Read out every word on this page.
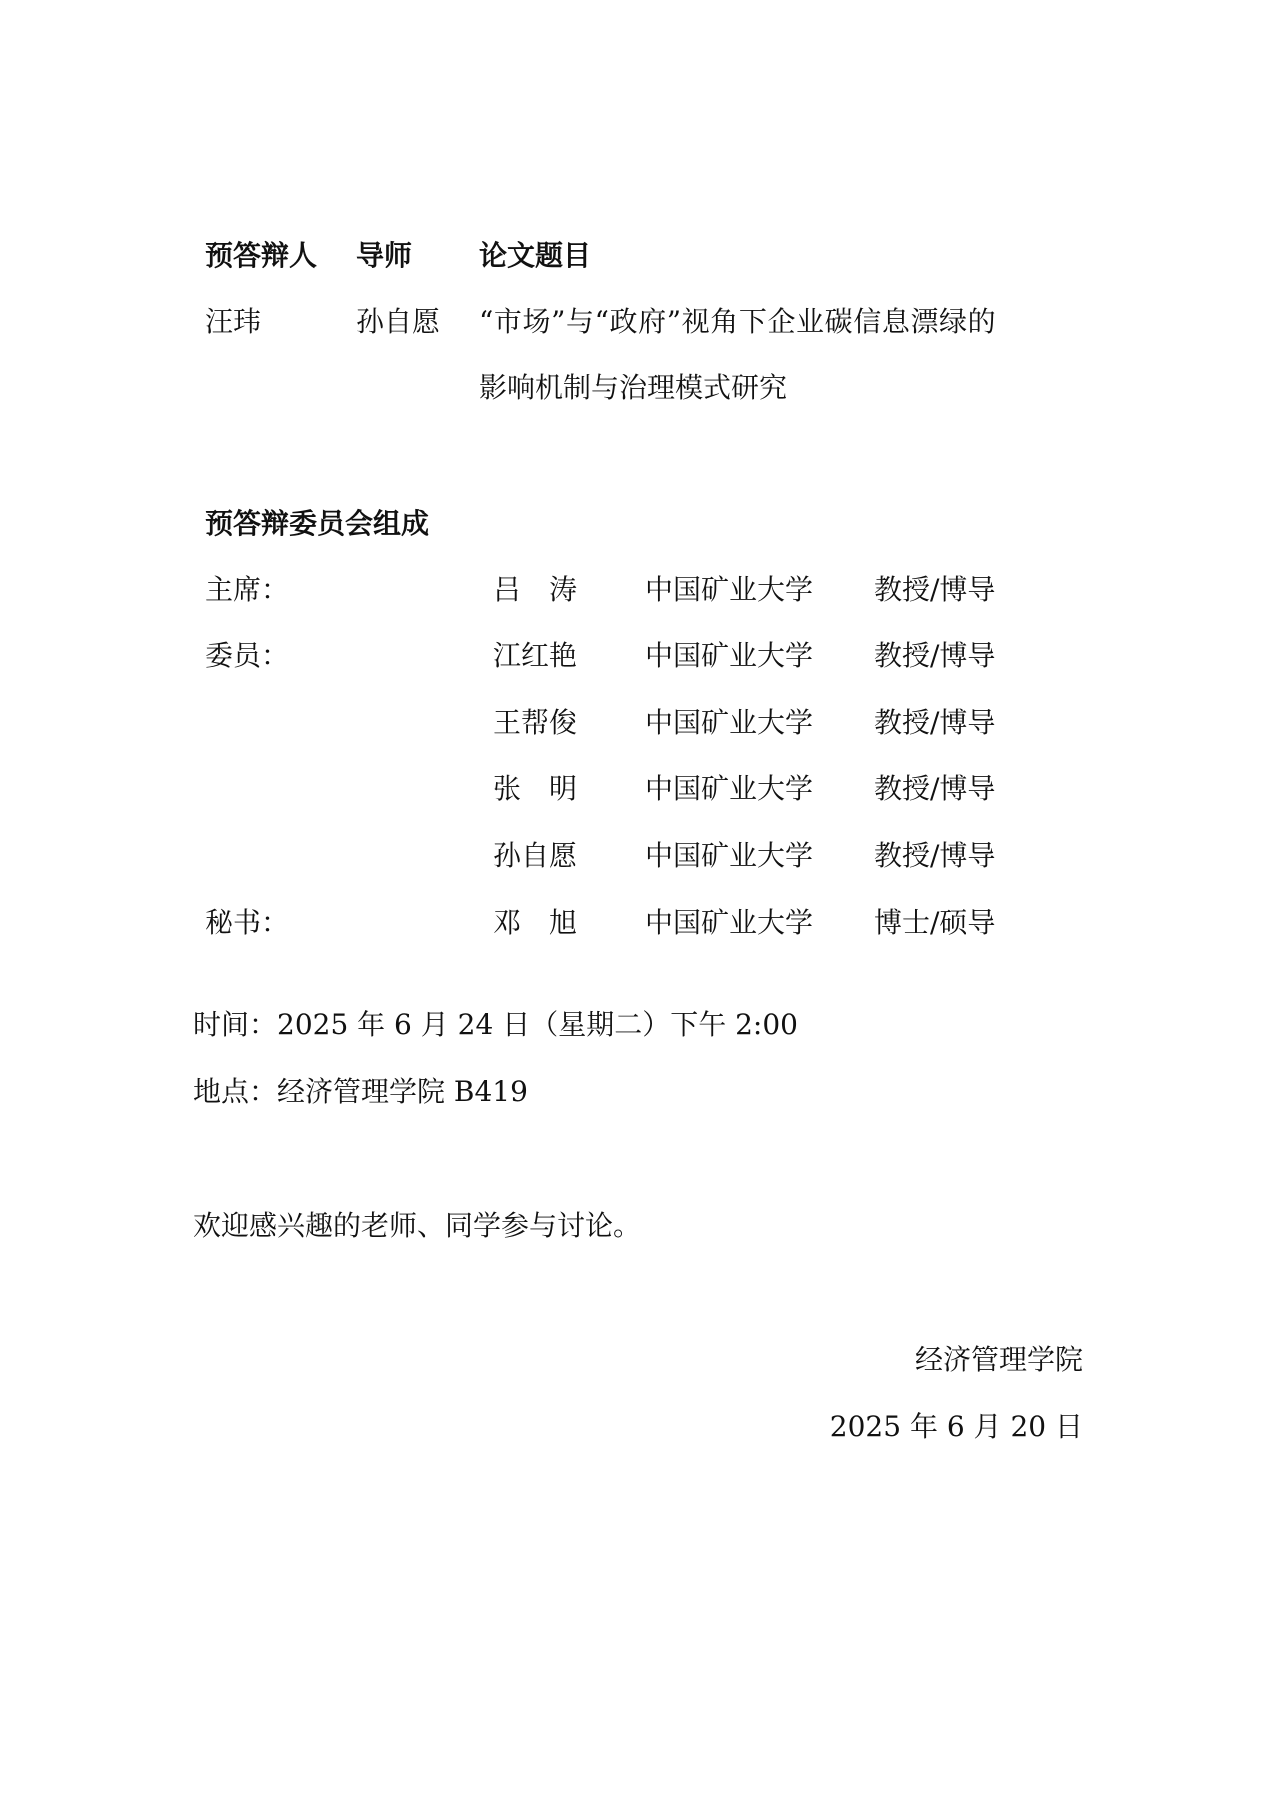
预答辩人 导师 论文题目
汪玮	孙自愿 “市场”与“政府”视角下企业碳信息漂绿的
影响机制与治理模式研究
预答辩委员会组成
主席：	吕　涛 中国矿业大学 教授/博导
委员：	江红艳 中国矿业大学 教授/博导
王帮俊 中国矿业大学 教授/博导
张　明 中国矿业大学 教授/博导
孙自愿 中国矿业大学 教授/博导
秘书：	邓　旭 中国矿业大学 博士/硕导
时间：2025 年 6 月 24 日（星期二）下午 2:00
地点：经济管理学院 B419
欢迎感兴趣的老师、同学参与讨论。
经济管理学院
2025 年 6 月 20 日
